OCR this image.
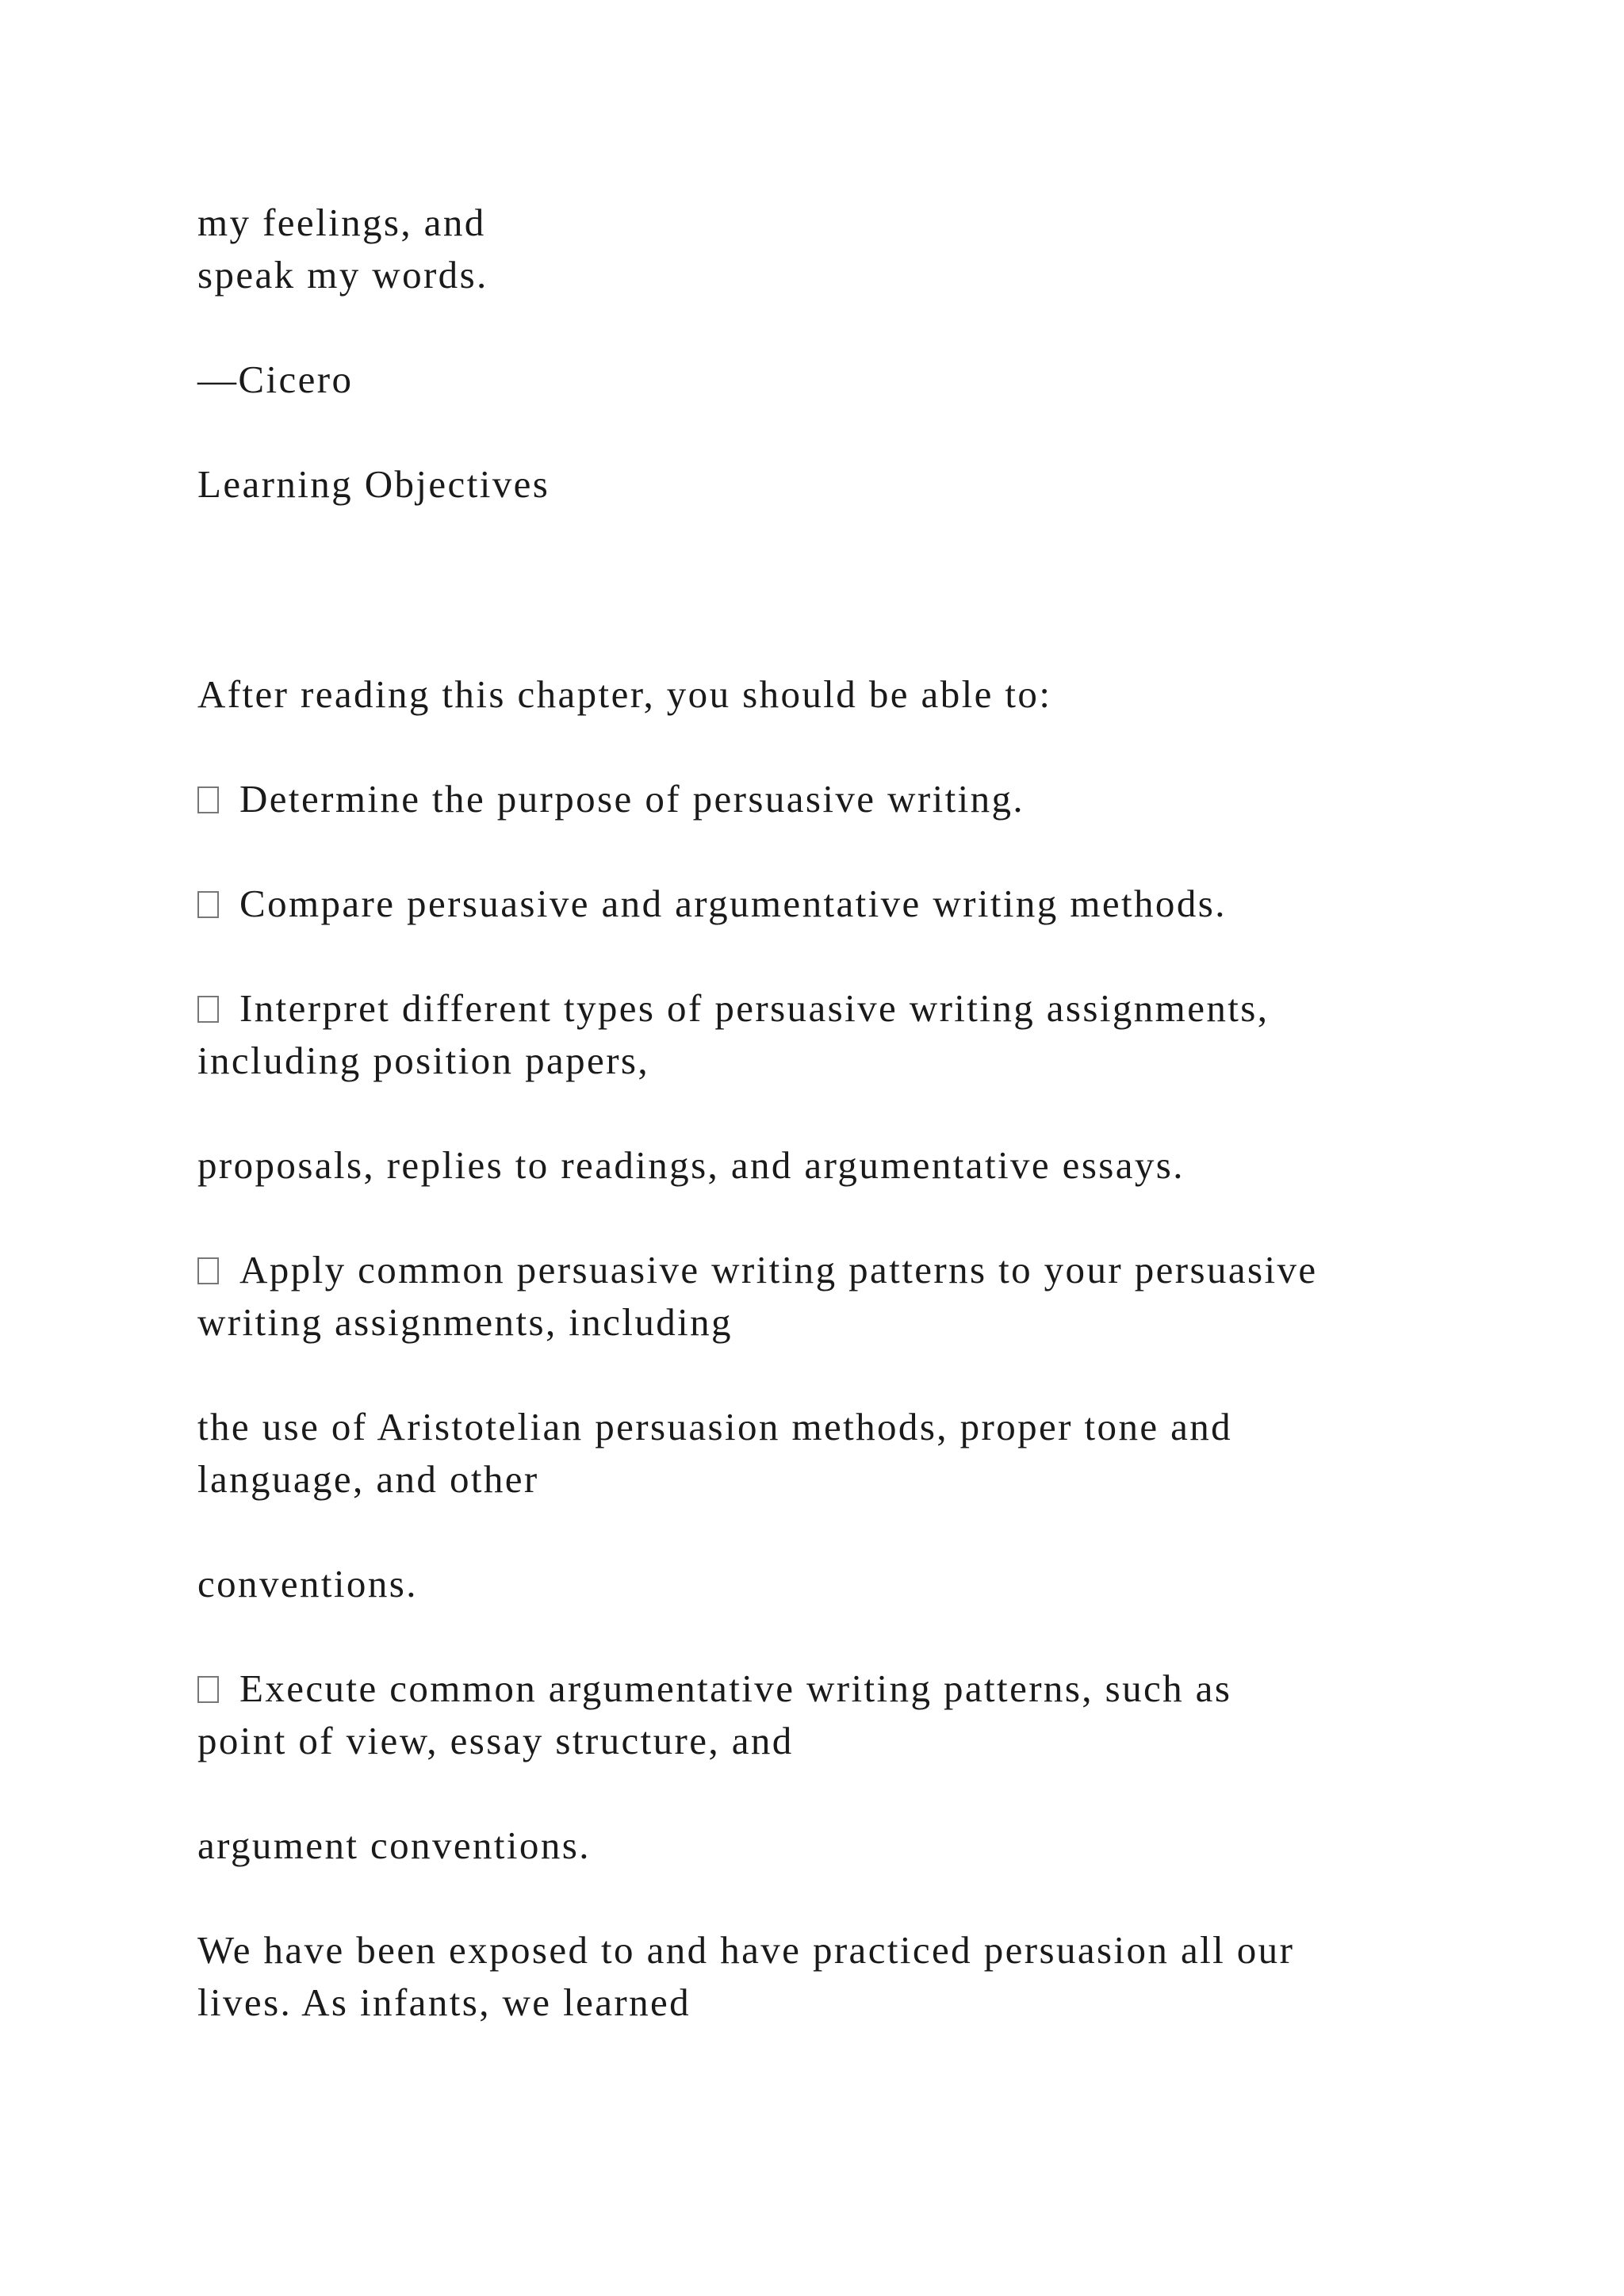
my feelings, and
speak my words.
—Cicero
Learning Objectives
After reading this chapter, you should be able to:
Determine the purpose of persuasive writing.
Compare persuasive and argumentative writing methods.
Interpret different types of persuasive writing assignments,
including position papers,
proposals, replies to readings, and argumentative essays.
Apply common persuasive writing patterns to your persuasive
writing assignments, including
the use of Aristotelian persuasion methods, proper tone and
language, and other
conventions.
Execute common argumentative writing patterns, such as
point of view, essay structure, and
argument conventions.
We have been exposed to and have practiced persuasion all our
lives. As infants, we learned
